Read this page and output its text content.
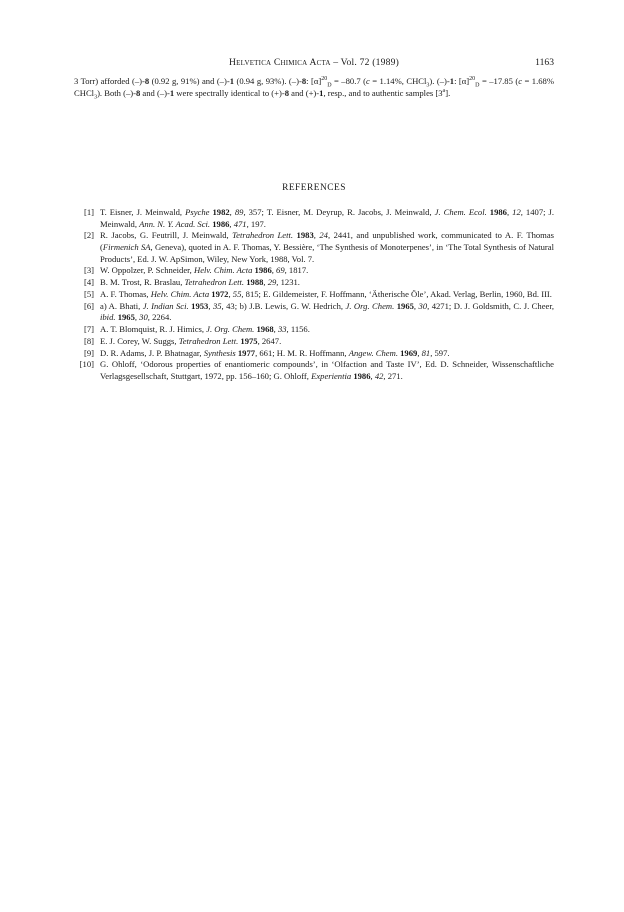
Helvetica Chimica Acta – Vol. 72 (1989)	1163

3 Torr) afforded (–)-8 (0.92 g, 91%) and (–)-1 (0.94 g, 93%). (–)-8: $[\alpha]^{20}_D = -80.7$ (c = 1.14%, CHCl$_3$). (–)-1: $[\alpha]^{20}_D = -17.85$ (c = 1.68% CHCl$_3$). Both (–)-8 and (–)-1 were spectrally identical to (+)-8 and (+)-1, resp., and to authentic samples [3$^a$].

REFERENCES
[1] T. Eisner, J. Meinwald, Psyche 1982, 89, 357; T. Eisner, M. Deyrup, R. Jacobs, J. Meinwald, J. Chem. Ecol. 1986, 12, 1407; J. Meinwald, Ann. N. Y. Acad. Sci. 1986, 471, 197.
[2] R. Jacobs, G. Feutrill, J. Meinwald, Tetrahedron Lett. 1983, 24, 2441, and unpublished work, communicated to A. F. Thomas (Firmenich SA, Geneva), quoted in A. F. Thomas, Y. Bessière, ‘The Synthesis of Monoterpenes’, in ‘The Total Synthesis of Natural Products’, Ed. J. W. ApSimon, Wiley, New York, 1988, Vol. 7.
[3] W. Oppolzer, P. Schneider, Helv. Chim. Acta 1986, 69, 1817.
[4] B. M. Trost, R. Braslau, Tetrahedron Lett. 1988, 29, 1231.
[5] A. F. Thomas, Helv. Chim. Acta 1972, 55, 815; E. Gildemeister, F. Hoffmann, ‘Ätherische Öle’, Akad. Verlag, Berlin, 1960, Bd. III.
[6] a) A. Bhati, J. Indian Sci. 1953, 35, 43; b) J.B. Lewis, G. W. Hedrich, J. Org. Chem. 1965, 30, 4271; D. J. Goldsmith, C. J. Cheer, ibid. 1965, 30, 2264.
[7] A. T. Blomquist, R. J. Himics, J. Org. Chem. 1968, 33, 1156.
[8] E. J. Corey, W. Suggs, Tetrahedron Lett. 1975, 2647.
[9] D. R. Adams, J. P. Bhatnagar, Synthesis 1977, 661; H. M. R. Hoffmann, Angew. Chem. 1969, 81, 597.
[10] G. Ohloff, ‘Odorous properties of enantiomeric compounds’, in ‘Olfaction and Taste IV’, Ed. D. Schneider, Wissenschaftliche Verlagsgesellschaft, Stuttgart, 1972, pp. 156–160; G. Ohloff, Experientia 1986, 42, 271.
